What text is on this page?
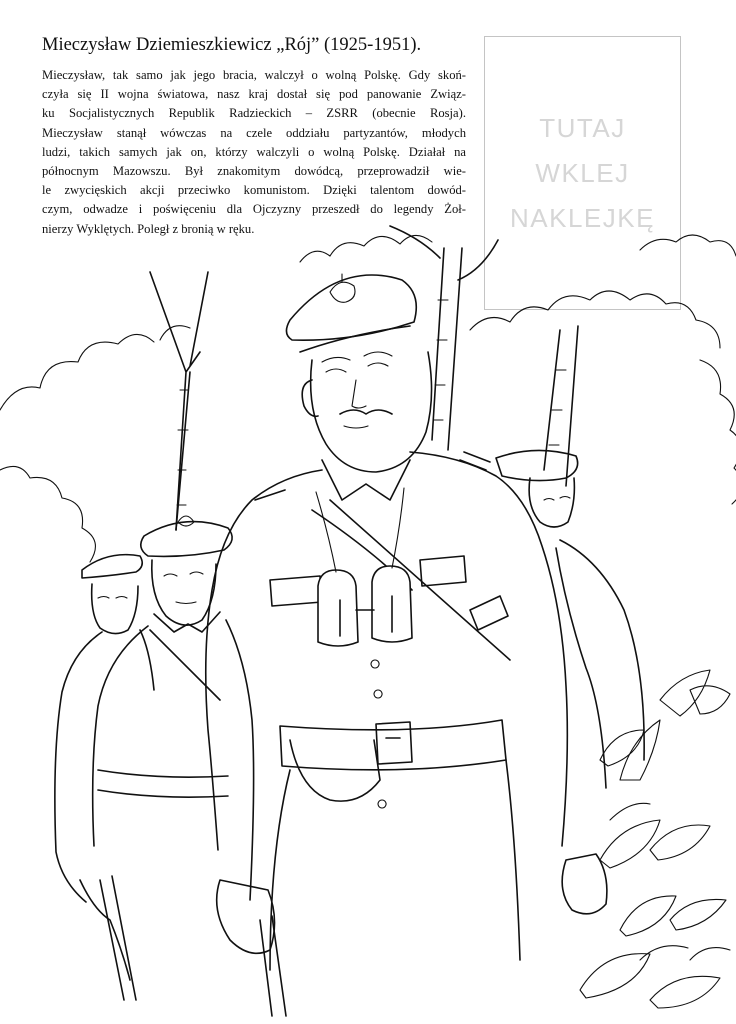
Mieczysław Dziemieszkiewicz „Rój” (1925-1951).
Mieczysław, tak samo jak jego bracia, walczył o wolną Polskę. Gdy skoń-
czyła się II wojna światowa, nasz kraj dostał się pod panowanie Związ-
ku Socjalistycznych Republik Radzieckich – ZSRR (obecnie Rosja).
Mieczysław stanął wówczas na czele oddziału partyzantów, młodych
ludzi, takich samych jak on, którzy walczyli o wolną Polskę. Działał na
północnym Mazowszu. Był znakomitym dowódcą, przeprowadził wie-
le zwycięskich akcji przeciwko komunistom. Dzięki talentom dowód-
czym, odwadze i poświęceniu dla Ojczyzny przeszedł do legendy Żoł-
nierzy Wyklętych. Poległ z bronią w ręku.
TUTAJ
WKLEJ
NAKLEJKĘ
